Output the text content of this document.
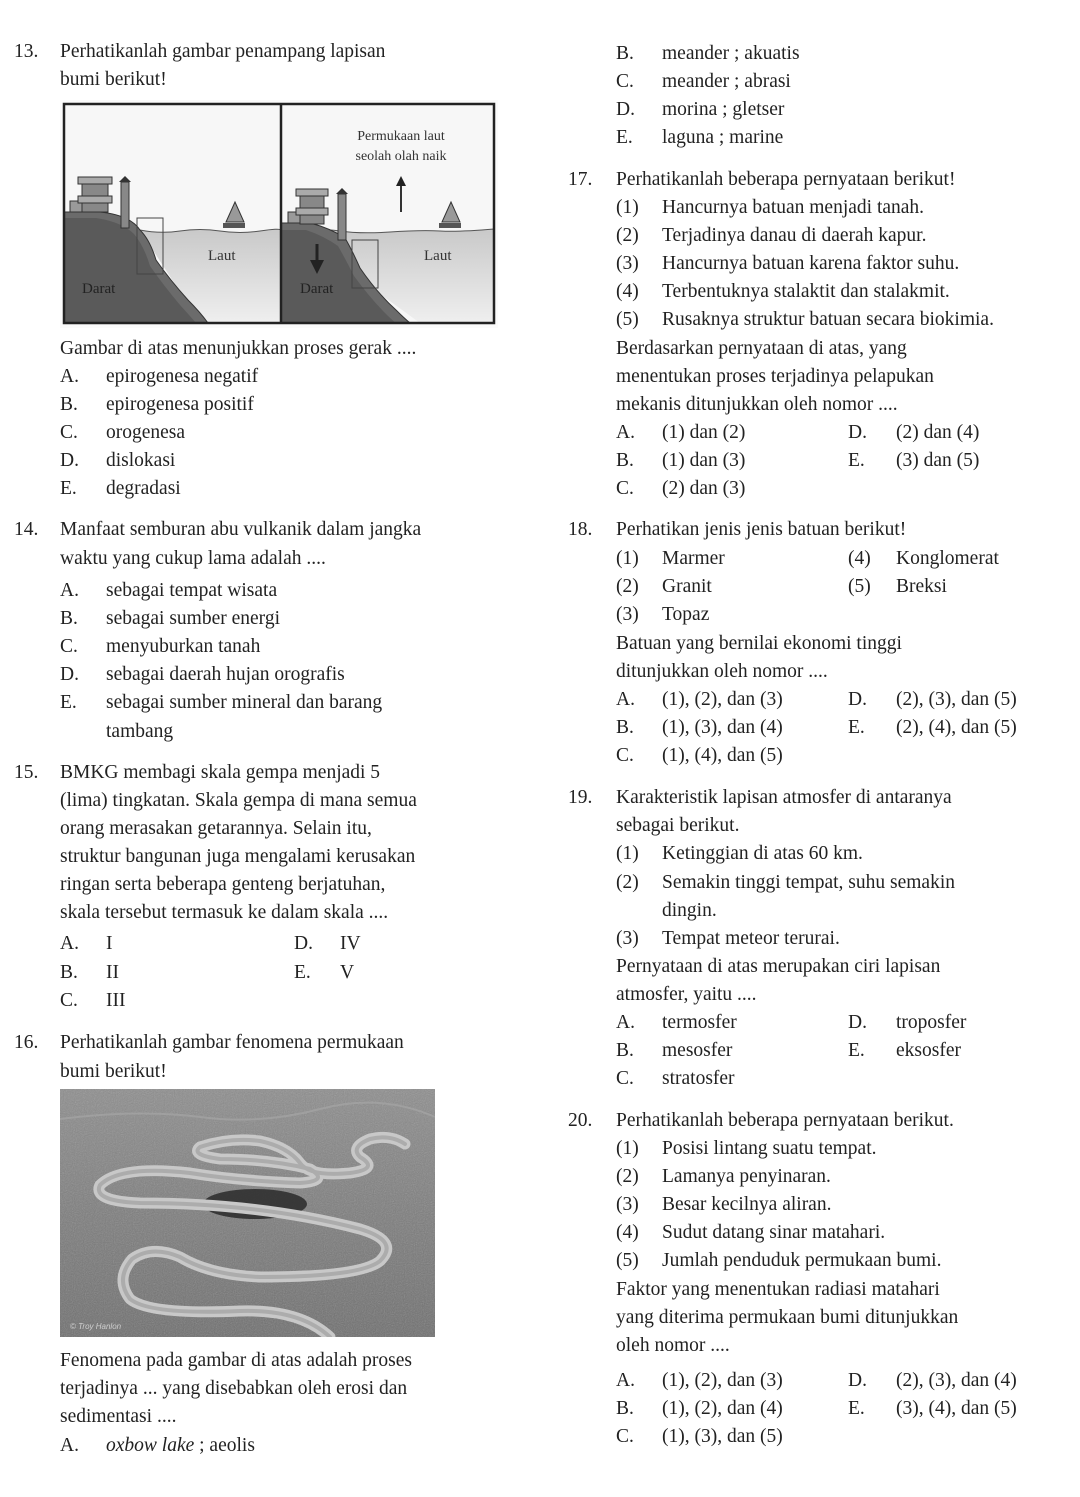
13. Perhatikanlah gambar penampang lapisan
bumi berikut!
Laut
Darat
Permukaan laut
seolah olah naik
Laut
Darat
Gambar di atas menunjukkan proses gerak ....
A. epirogenesa negatif
B. epirogenesa positif
C. orogenesa
D. dislokasi
E. degradasi
14. Manfaat semburan abu vulkanik dalam jangka
waktu yang cukup lama adalah ....
A. sebagai tempat wisata
B. sebagai sumber energi
C. menyuburkan tanah
D. sebagai daerah hujan orografis
E. sebagai sumber mineral dan barang
tambang
15. BMKG membagi skala gempa menjadi 5
(lima) tingkatan. Skala gempa di mana semua
orang merasakan getarannya. Selain itu,
struktur bangunan juga mengalami kerusakan
ringan serta beberapa genteng berjatuhan,
skala tersebut termasuk ke dalam skala ....
A. I
B. II
C. III
D. IV
E. V
16. Perhatikanlah gambar fenomena permukaan
bumi berikut!
© Troy Hanlon
Fenomena pada gambar di atas adalah proses
terjadinya ... yang disebabkan oleh erosi dan
sedimentasi ....
A. oxbow lake ; aeolis
B. meander ; akuatis
C. meander ; abrasi
D. morina ; gletser
E. laguna ; marine
17. Perhatikanlah beberapa pernyataan berikut!
(1) Hancurnya batuan menjadi tanah.
(2) Terjadinya danau di daerah kapur.
(3) Hancurnya batuan karena faktor suhu.
(4) Terbentuknya stalaktit dan stalakmit.
(5) Rusaknya struktur batuan secara biokimia.
Berdasarkan pernyataan di atas, yang
menentukan proses terjadinya pelapukan
mekanis ditunjukkan oleh nomor ....
A. (1) dan (2)
B. (1) dan (3)
C. (2) dan (3)
D. (2) dan (4)
E. (3) dan (5)
18. Perhatikan jenis jenis batuan berikut!
(1) Marmer
(2) Granit
(3) Topaz
(4) Konglomerat
(5) Breksi
Batuan yang bernilai ekonomi tinggi
ditunjukkan oleh nomor ....
A. (1), (2), dan (3)
B. (1), (3), dan (4)
C. (1), (4), dan (5)
D. (2), (3), dan (5)
E. (2), (4), dan (5)
19. Karakteristik lapisan atmosfer di antaranya
sebagai berikut.
(1) Ketinggian di atas 60 km.
(2) Semakin tinggi tempat, suhu semakin
dingin.
(3) Tempat meteor terurai.
Pernyataan di atas merupakan ciri lapisan
atmosfer, yaitu ....
A. termosfer
B. mesosfer
C. stratosfer
D. troposfer
E. eksosfer
20. Perhatikanlah beberapa pernyataan berikut.
(1) Posisi lintang suatu tempat.
(2) Lamanya penyinaran.
(3) Besar kecilnya aliran.
(4) Sudut datang sinar matahari.
(5) Jumlah penduduk permukaan bumi.
Faktor yang menentukan radiasi matahari
yang diterima permukaan bumi ditunjukkan
oleh nomor ....
A. (1), (2), dan (3)
B. (1), (2), dan (4)
C. (1), (3), dan (5)
D. (2), (3), dan (4)
E. (3), (4), dan (5)
